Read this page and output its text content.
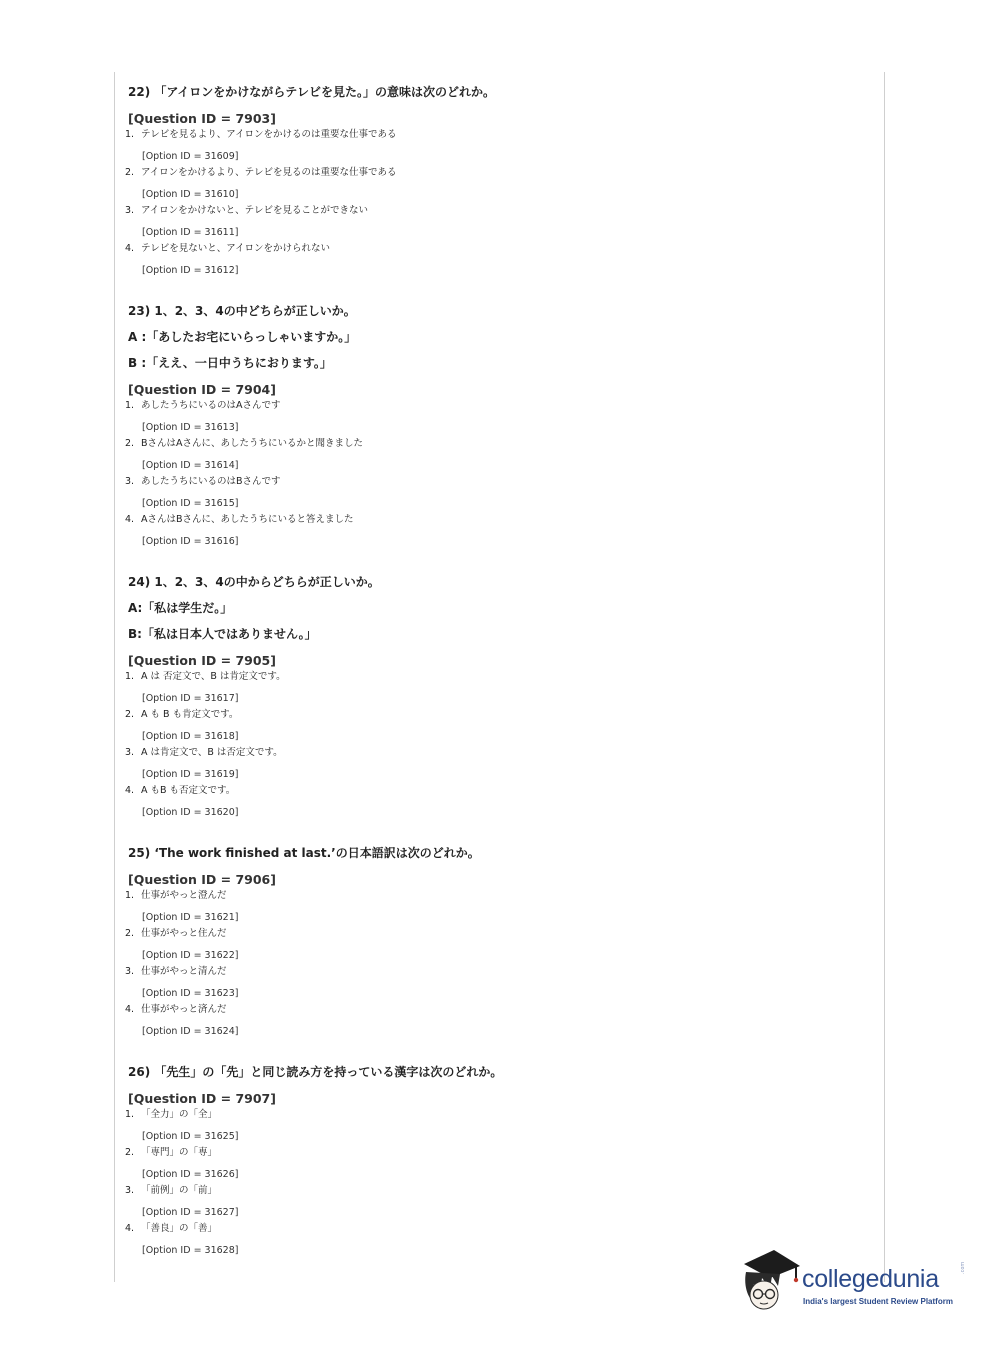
22) 「アイロンをかけながらテレビを見た。」の意味は次のどれか。
[Question ID = 7903]
1. テレビを見るより、アイロンをかけるのは重要な仕事である
[Option ID = 31609]
2. アイロンをかけるより、テレビを見るのは重要な仕事である
[Option ID = 31610]
3. アイロンをかけないと、テレビを見ることができない
[Option ID = 31611]
4. テレビを見ないと、アイロンをかけられない
[Option ID = 31612]
23) 1、2、3、4の中どちらが正しいか。
A :「あしたお宅にいらっしゃいますか。」
B :「ええ、一日中うちにおります。」
[Question ID = 7904]
1. あしたうちにいるのはAさんです
[Option ID = 31613]
2. BさんはAさんに、あしたうちにいるかと聞きました
[Option ID = 31614]
3. あしたうちにいるのはBさんです
[Option ID = 31615]
4. AさんはBさんに、あしたうちにいると答えました
[Option ID = 31616]
24) 1、2、3、4の中からどちらが正しいか。
A:「私は学生だ。」
B:「私は日本人ではありません。」
[Question ID = 7905]
1. A は 否定文で、B は肯定文です。
[Option ID = 31617]
2. A も B も肯定文です。
[Option ID = 31618]
3. A は肯定文で、B は否定文です。
[Option ID = 31619]
4. A もB も否定文です。
[Option ID = 31620]
25) ‘The work finished at last.’の日本語訳は次のどれか。
[Question ID = 7906]
1. 仕事がやっと澄んだ
[Option ID = 31621]
2. 仕事がやっと住んだ
[Option ID = 31622]
3. 仕事がやっと清んだ
[Option ID = 31623]
4. 仕事がやっと済んだ
[Option ID = 31624]
26) 「先生」の「先」と同じ読み方を持っている漢字は次のどれか。
[Question ID = 7907]
1. 「全力」の「全」
[Option ID = 31625]
2. 「専門」の「専」
[Option ID = 31626]
3. 「前例」の「前」
[Option ID = 31627]
4. 「善良」の「善」
[Option ID = 31628]
collegedunia	.com
India's largest Student Review Platform
